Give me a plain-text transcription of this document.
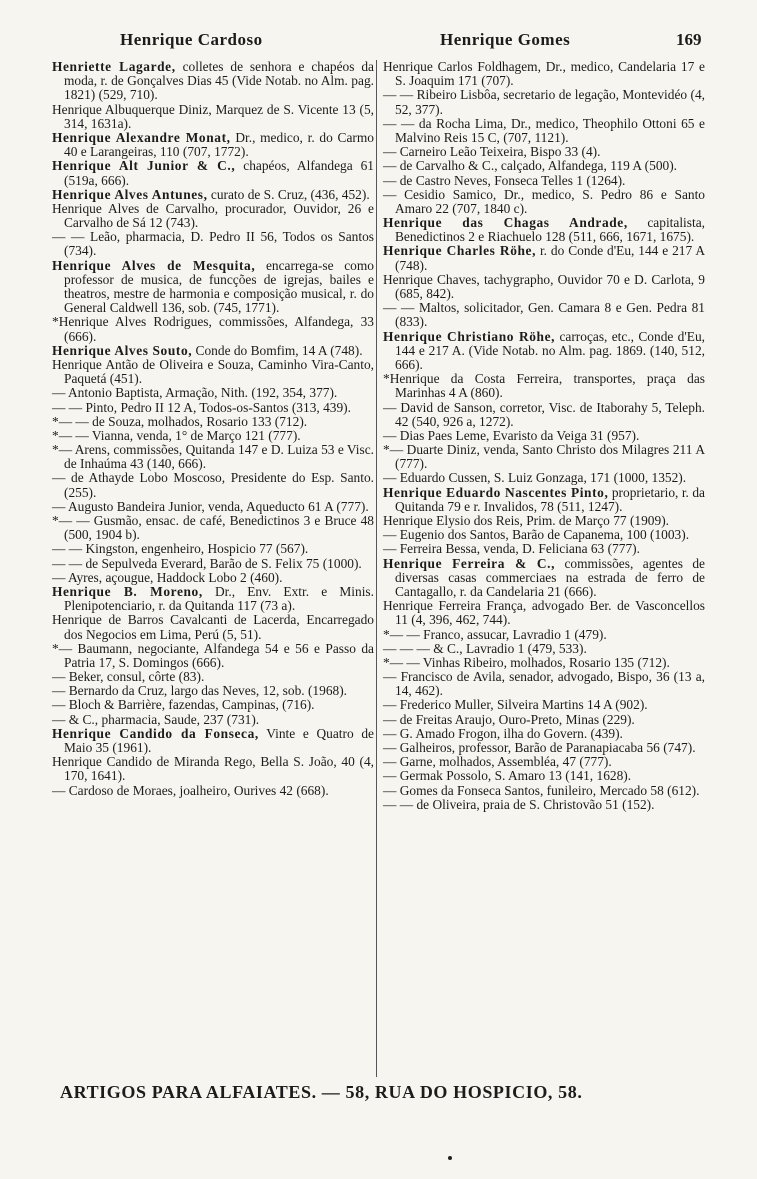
Henrique Cardoso	Henrique Gomes	169
Henriette Lagarde, colletes de senhora e chapéos da moda, r. de Gonçalves Dias 45 (Vide Notab. no Alm. pag. 1821) (529, 710).
Henrique Albuquerque Diniz, Marquez de S. Vicente 13 (5, 314, 1631a).
Henrique Alexandre Monat, Dr., medico, r. do Carmo 40 e Larangeiras, 110 (707, 1772).
Henrique Alt Junior & C., chapéos, Alfandega 61 (519a, 666).
Henrique Alves Antunes, curato de S. Cruz, (436, 452).
Henrique Alves de Carvalho, procurador, Ouvidor, 26 e Carvalho de Sá 12 (743).
— — Leão, pharmacia, D. Pedro II 56, Todos os Santos (734).
Henrique Alves de Mesquita, encarrega-se como professor de musica, de funcções de igrejas, bailes e theatros, mestre de harmonia e composição musical, r. do General Caldwell 136, sob. (745, 1771).
*Henrique Alves Rodrigues, commissões, Alfandega, 33 (666).
Henrique Alves Souto, Conde do Bomfim, 14 A (748).
Henrique Antão de Oliveira e Souza, Caminho Vira-Canto, Paquetá (451).
— Antonio Baptista, Armação, Nith. (192, 354, 377).
— — Pinto, Pedro II 12 A, Todos-os-Santos (313, 439).
*— — de Souza, molhados, Rosario 133 (712).
*— — Vianna, venda, 1° de Março 121 (777).
*— Arens, commissões, Quitanda 147 e D. Luiza 53 e Visc. de Inhaúma 43 (140, 666).
— de Athayde Lobo Moscoso, Presidente do Esp. Santo. (255).
— Augusto Bandeira Junior, venda, Aqueducto 61 A (777).
*— — Gusmão, ensac. de café, Benedictinos 3 e Bruce 48 (500, 1904 b).
— — Kingston, engenheiro, Hospicio 77 (567).
— — de Sepulveda Everard, Barão de S. Felix 75 (1000).
— Ayres, açougue, Haddock Lobo 2 (460).
Henrique B. Moreno, Dr., Env. Extr. e Minis. Plenipotenciario, r. da Quitanda 117 (73 a).
Henrique de Barros Cavalcanti de Lacerda, Encarregado dos Negocios em Lima, Perú (5, 51).
*— Baumann, negociante, Alfandega 54 e 56 e Passo da Patria 17, S. Domingos (666).
— Beker, consul, côrte (83).
— Bernardo da Cruz, largo das Neves, 12, sob. (1968).
— Bloch & Barrière, fazendas, Campinas, (716).
— & C., pharmacia, Saude, 237 (731).
Henrique Candido da Fonseca, Vinte e Quatro de Maio 35 (1961).
Henrique Candido de Miranda Rego, Bella S. João, 40 (4, 170, 1641).
— Cardoso de Moraes, joalheiro, Ourives 42 (668).
Henrique Carlos Foldhagem, Dr., medico, Candelaria 17 e S. Joaquim 171 (707).
— — Ribeiro Lisbôa, secretario de legação, Montevidéo (4, 52, 377).
— — da Rocha Lima, Dr., medico, Theophilo Ottoni 65 e Malvino Reis 15 C, (707, 1121).
— Carneiro Leão Teixeira, Bispo 33 (4).
— de Carvalho & C., calçado, Alfandega, 119 A (500).
— de Castro Neves, Fonseca Telles 1 (1264).
— Cesidio Samico, Dr., medico, S. Pedro 86 e Santo Amaro 22 (707, 1840 c).
Henrique das Chagas Andrade, capitalista, Benedictinos 2 e Riachuelo 128 (511, 666, 1671, 1675).
Henrique Charles Röhe, r. do Conde d'Eu, 144 e 217 A (748).
Henrique Chaves, tachygrapho, Ouvidor 70 e D. Carlota, 9 (685, 842).
— — Maltos, solicitador, Gen. Camara 8 e Gen. Pedra 81 (833).
Henrique Christiano Röhe, carroças, etc., Conde d'Eu, 144 e 217 A. (Vide Notab. no Alm. pag. 1869. (140, 512, 666).
*Henrique da Costa Ferreira, transportes, praça das Marinhas 4 A (860).
— David de Sanson, corretor, Visc. de Itaborahy 5, Teleph. 42 (540, 926 a, 1272).
— Dias Paes Leme, Evaristo da Veiga 31 (957).
*— Duarte Diniz, venda, Santo Christo dos Milagres 211 A (777).
— Eduardo Cussen, S. Luiz Gonzaga, 171 (1000, 1352).
Henrique Eduardo Nascentes Pinto, proprietario, r. da Quitanda 79 e r. Invalidos, 78 (511, 1247).
Henrique Elysio dos Reis, Prim. de Março 77 (1909).
— Eugenio dos Santos, Barão de Capanema, 100 (1003).
— Ferreira Bessa, venda, D. Feliciana 63 (777).
Henrique Ferreira & C., commissões, agentes de diversas casas commerciaes na estrada de ferro de Cantagallo, r. da Candelaria 21 (666).
Henrique Ferreira França, advogado Ber. de Vasconcellos 11 (4, 396, 462, 744).
*— — Franco, assucar, Lavradio 1 (479).
— — — & C., Lavradio 1 (479, 533).
*— — Vinhas Ribeiro, molhados, Rosario 135 (712).
— Francisco de Avila, senador, advogado, Bispo, 36 (13 a, 14, 462).
— Frederico Muller, Silveira Martins 14 A (902).
— de Freitas Araujo, Ouro-Preto, Minas (229).
— G. Amado Frogon, ilha do Govern. (439).
— Galheiros, professor, Barão de Paranapiacaba 56 (747).
— Garne, molhados, Assembléa, 47 (777).
— Germak Possolo, S. Amaro 13 (141, 1628).
— Gomes da Fonseca Santos, funileiro, Mercado 58 (612).
— — de Oliveira, praia de S. Christovão 51 (152).
ARTIGOS PARA ALFAIATES. — 58, RUA DO HOSPICIO, 58.
